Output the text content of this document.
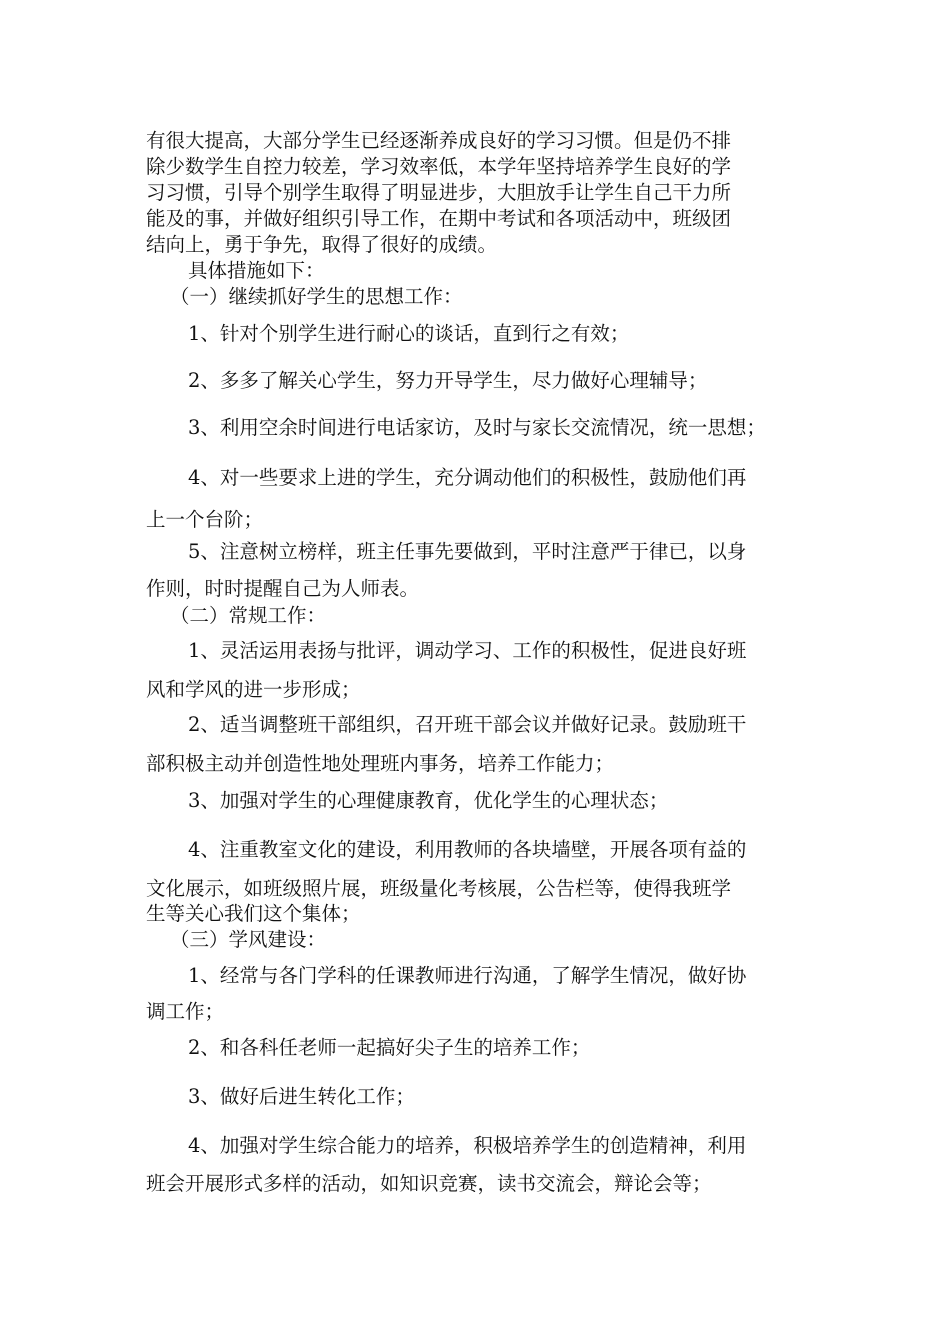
有很大提高，大部分学生已经逐渐养成良好的学习习惯。但是仍不排
除少数学生自控力较差，学习效率低，本学年坚持培养学生良好的学
习习惯，引导个别学生取得了明显进步，大胆放手让学生自己干力所
能及的事，并做好组织引导工作，在期中考试和各项活动中，班级团
结向上，勇于争先，取得了很好的成绩。
具体措施如下：
（一）继续抓好学生的思想工作：
1、针对个别学生进行耐心的谈话，直到行之有效；
2、多多了解关心学生，努力开导学生，尽力做好心理辅导；
3、利用空余时间进行电话家访，及时与家长交流情况，统一思想；
4、对一些要求上进的学生，充分调动他们的积极性，鼓励他们再
上一个台阶；
5、注意树立榜样，班主任事先要做到，平时注意严于律已，以身
作则，时时提醒自己为人师表。
（二）常规工作：
1、灵活运用表扬与批评，调动学习、工作的积极性，促进良好班
风和学风的进一步形成；
2、适当调整班干部组织，召开班干部会议并做好记录。鼓励班干
部积极主动并创造性地处理班内事务，培养工作能力；
3、加强对学生的心理健康教育，优化学生的心理状态；
4、注重教室文化的建设，利用教师的各块墙壁，开展各项有益的
文化展示，如班级照片展，班级量化考核展，公告栏等，使得我班学
生等关心我们这个集体；
（三）学风建设：
1、经常与各门学科的任课教师进行沟通，了解学生情况，做好协
调工作；
2、和各科任老师一起搞好尖子生的培养工作；
3、做好后进生转化工作；
4、加强对学生综合能力的培养，积极培养学生的创造精神，利用
班会开展形式多样的活动，如知识竞赛，读书交流会，辩论会等；
